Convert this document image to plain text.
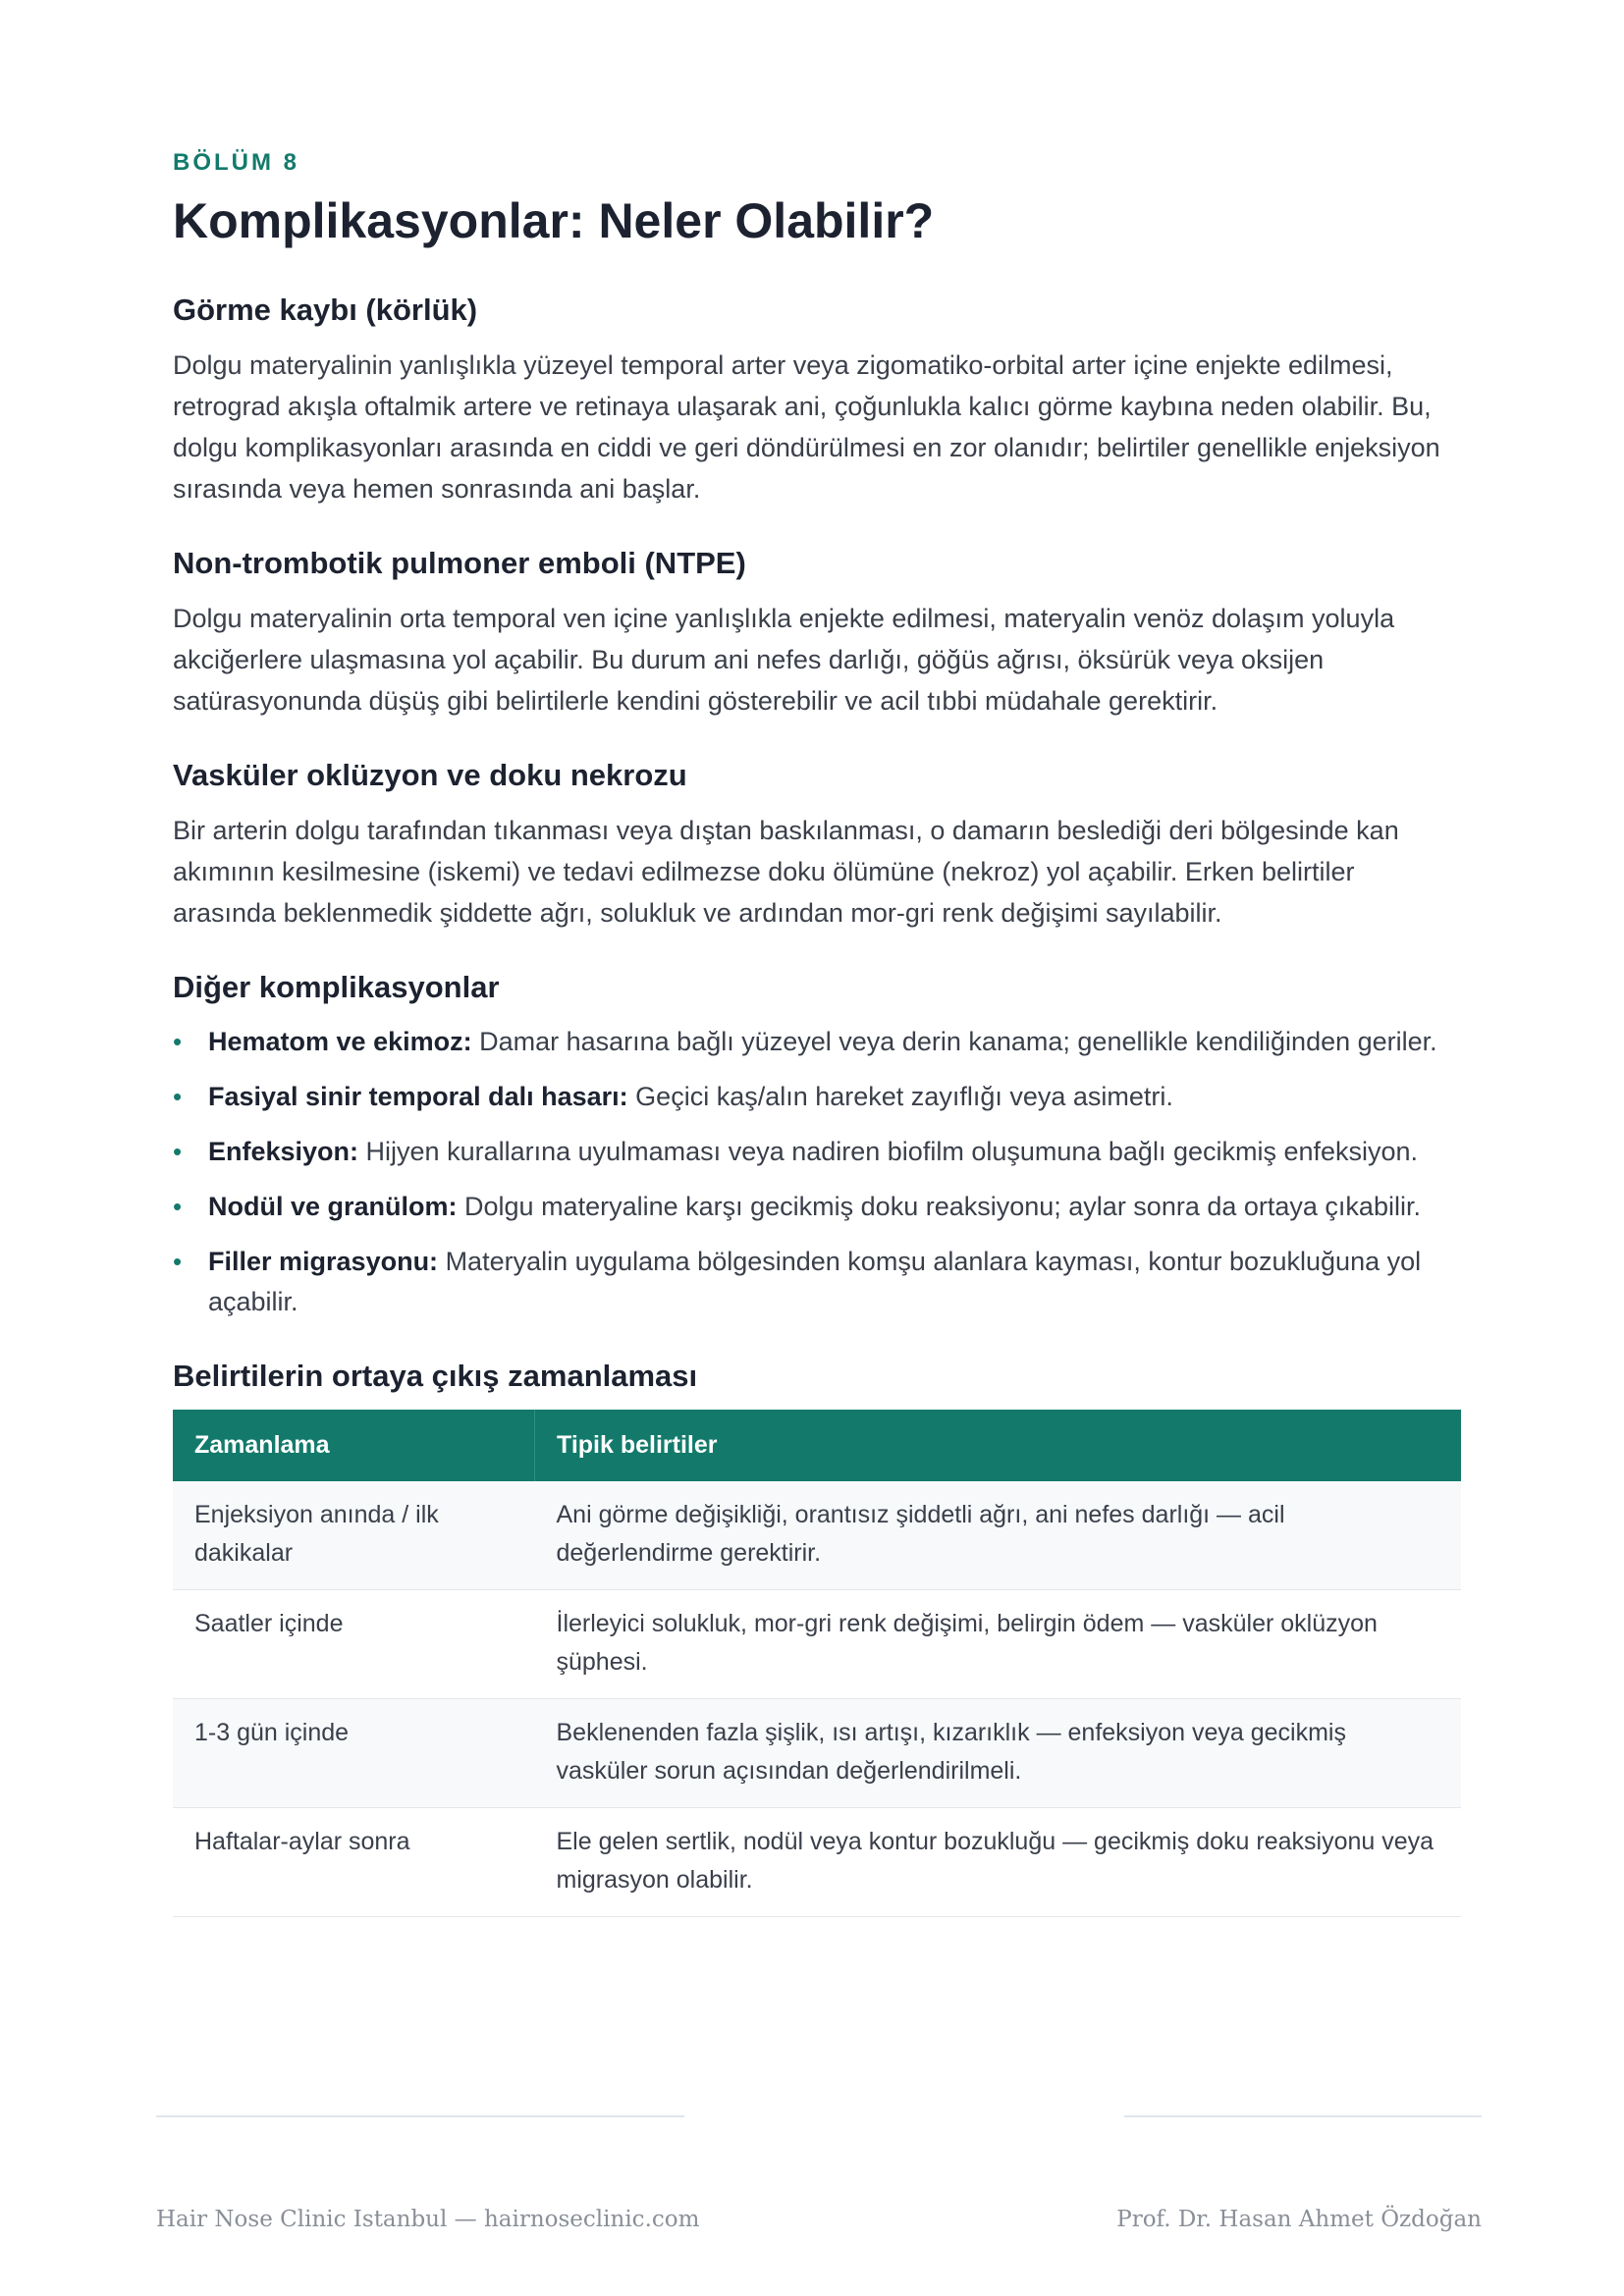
BÖLÜM 8
Komplikasyonlar: Neler Olabilir?
Görme kaybı (körlük)

Dolgu materyalinin yanlışlıkla yüzeyel temporal arter veya zigomatiko-orbital arter içine enjekte edilmesi, retrograd akışla oftalmik artere ve retinaya ulaşarak ani, çoğunlukla kalıcı görme kaybına neden olabilir. Bu, dolgu komplikasyonları arasında en ciddi ve geri döndürülmesi en zor olanıdır; belirtiler genellikle enjeksiyon sırasında veya hemen sonrasında ani başlar.

Non-trombotik pulmoner emboli (NTPE)

Dolgu materyalinin orta temporal ven içine yanlışlıkla enjekte edilmesi, materyalin venöz dolaşım yoluyla akciğerlere ulaşmasına yol açabilir. Bu durum ani nefes darlığı, göğüs ağrısı, öksürük veya oksijen satürasyonunda düşüş gibi belirtilerle kendini gösterebilir ve acil tıbbi müdahale gerektirir.

Vasküler oklüzyon ve doku nekrozu

Bir arterin dolgu tarafından tıkanması veya dıştan baskılanması, o damarın beslediği deri bölgesinde kan akımının kesilmesine (iskemi) ve tedavi edilmezse doku ölümüne (nekroz) yol açabilir. Erken belirtiler arasında beklenmedik şiddette ağrı, solukluk ve ardından mor-gri renk değişimi sayılabilir.

Diğer komplikasyonlar
• Hematom ve ekimoz: Damar hasarına bağlı yüzeyel veya derin kanama; genellikle kendiliğinden geriler.
• Fasiyal sinir temporal dalı hasarı: Geçici kaş/alın hareket zayıflığı veya asimetri.
• Enfeksiyon: Hijyen kurallarına uyulmaması veya nadiren biofilm oluşumuna bağlı gecikmiş enfeksiyon.
• Nodül ve granülom: Dolgu materyaline karşı gecikmiş doku reaksiyonu; aylar sonra da ortaya çıkabilir.
• Filler migrasyonu: Materyalin uygulama bölgesinden komşu alanlara kayması, kontur bozukluğuna yol açabilir.
Belirtilerin ortaya çıkış zamanlaması
Zamanlama	Tipik belirtiler
Enjeksiyon anında / ilk dakikalar	Ani görme değişikliği, orantısız şiddetli ağrı, ani nefes darlığı — acil değerlendirme gerektirir.
Saatler içinde	İlerleyici solukluk, mor-gri renk değişimi, belirgin ödem — vasküler oklüzyon şüphesi.
1-3 gün içinde	Beklenenden fazla şişlik, ısı artışı, kızarıklık — enfeksiyon veya gecikmiş vasküler sorun açısından değerlendirilmeli.
Haftalar-aylar sonra	Ele gelen sertlik, nodül veya kontur bozukluğu — gecikmiş doku reaksiyonu veya migrasyon olabilir.
Hair Nose Clinic Istanbul — hairnoseclinic.com	Prof. Dr. Hasan Ahmet Özdoğan
